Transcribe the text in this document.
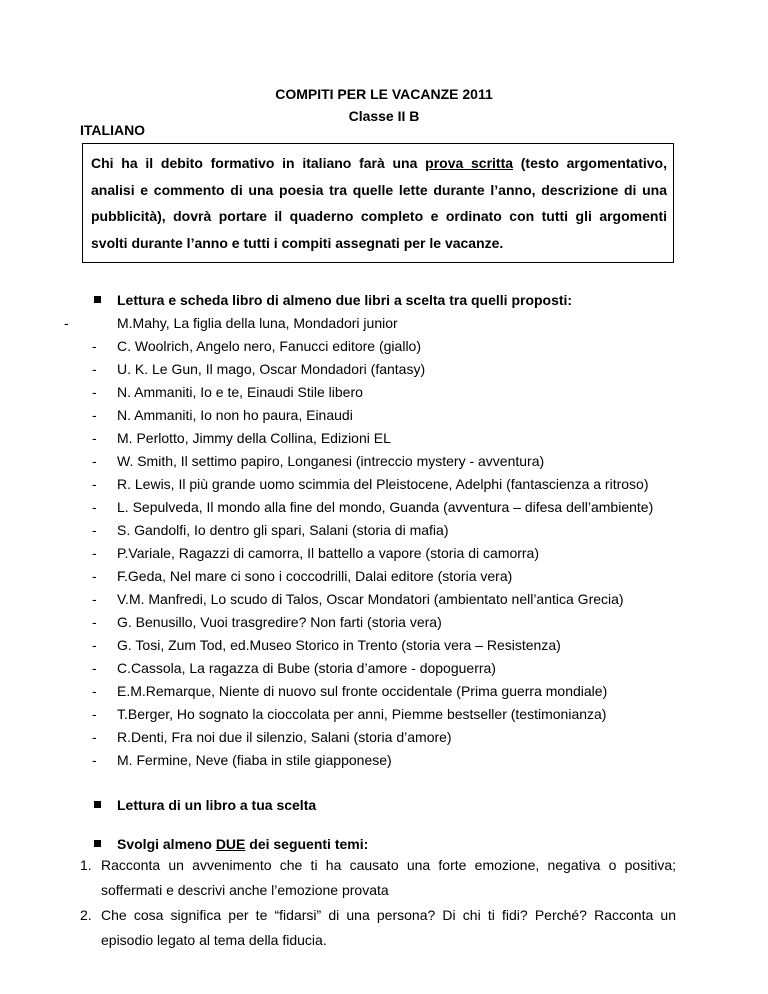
COMPITI PER LE VACANZE 2011
Classe II B
ITALIANO
Chi ha il debito formativo in italiano farà una prova scritta (testo argomentativo, analisi e commento di una poesia tra quelle lette durante l’anno, descrizione di una pubblicità), dovrà portare il quaderno completo e ordinato con tutti gli argomenti svolti durante l’anno e tutti i compiti assegnati per le vacanze.
Lettura e scheda libro di almeno due libri a scelta tra quelli proposti:
-	M.Mahy, La figlia della luna, Mondadori junior
- C. Woolrich, Angelo nero, Fanucci editore (giallo)
- U. K. Le Gun, Il mago, Oscar Mondadori (fantasy)
- N. Ammaniti, Io e te, Einaudi Stile libero
- N. Ammaniti, Io non ho paura, Einaudi
- M. Perlotto, Jimmy della Collina, Edizioni EL
- W. Smith, Il settimo papiro, Longanesi (intreccio mystery - avventura)
- R. Lewis, Il più grande uomo scimmia del Pleistocene, Adelphi (fantascienza a ritroso)
- L. Sepulveda, Il mondo alla fine del mondo, Guanda (avventura – difesa dell’ambiente)
- S. Gandolfi, Io dentro gli spari, Salani (storia di mafia)
- P.Variale, Ragazzi di camorra, Il battello a vapore (storia di camorra)
- F.Geda, Nel mare ci sono i coccodrilli, Dalai editore (storia vera)
- V.M. Manfredi, Lo scudo di Talos, Oscar Mondatori (ambientato nell’antica Grecia)
- G. Benusillo, Vuoi trasgredire? Non farti (storia vera)
- G. Tosi, Zum Tod, ed.Museo Storico in Trento (storia vera – Resistenza)
- C.Cassola, La ragazza di Bube (storia d’amore - dopoguerra)
- E.M.Remarque, Niente di nuovo sul fronte occidentale (Prima guerra mondiale)
- T.Berger, Ho sognato la cioccolata per anni, Piemme bestseller (testimonianza)
- R.Denti, Fra noi due il silenzio, Salani (storia d’amore)
- M. Fermine, Neve (fiaba in stile giapponese)
Lettura di un libro a tua scelta
Svolgi almeno DUE dei seguenti temi:
1. Racconta un avvenimento che ti ha causato una forte emozione, negativa o positiva; soffermati e descrivi anche l’emozione provata
2. Che cosa significa per te “fidarsi” di una persona? Di chi ti fidi? Perché? Racconta un episodio legato al tema della fiducia.
